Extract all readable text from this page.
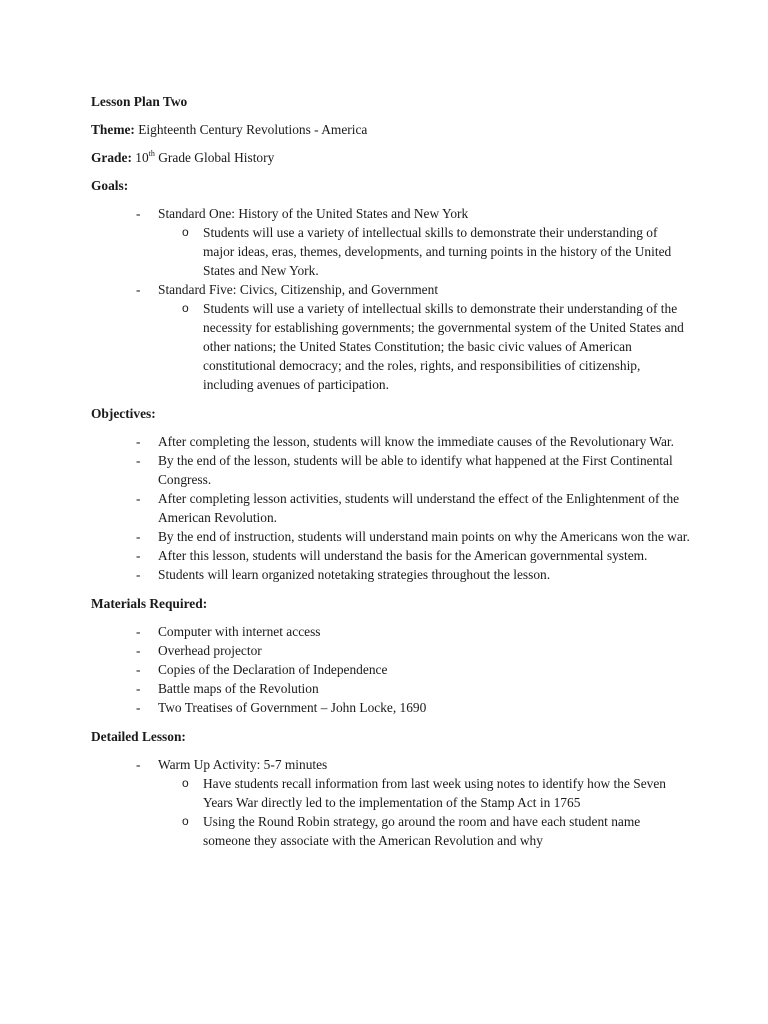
Lesson Plan Two
Theme: Eighteenth Century Revolutions - America
Grade: 10th Grade Global History
Goals:
- Standard One: History of the United States and New York
o Students will use a variety of intellectual skills to demonstrate their understanding of major ideas, eras, themes, developments, and turning points in the history of the United States and New York.
- Standard Five: Civics, Citizenship, and Government
o Students will use a variety of intellectual skills to demonstrate their understanding of the necessity for establishing governments; the governmental system of the United States and other nations; the United States Constitution; the basic civic values of American constitutional democracy; and the roles, rights, and responsibilities of citizenship, including avenues of participation.
Objectives:
- After completing the lesson, students will know the immediate causes of the Revolutionary War.
- By the end of the lesson, students will be able to identify what happened at the First Continental Congress.
- After completing lesson activities, students will understand the effect of the Enlightenment of the American Revolution.
- By the end of instruction, students will understand main points on why the Americans won the war.
- After this lesson, students will understand the basis for the American governmental system.
- Students will learn organized notetaking strategies throughout the lesson.
Materials Required:
- Computer with internet access
- Overhead projector
- Copies of the Declaration of Independence
- Battle maps of the Revolution
- Two Treatises of Government – John Locke, 1690
Detailed Lesson:
- Warm Up Activity: 5-7 minutes
o Have students recall information from last week using notes to identify how the Seven Years War directly led to the implementation of the Stamp Act in 1765
o Using the Round Robin strategy, go around the room and have each student name someone they associate with the American Revolution and why
